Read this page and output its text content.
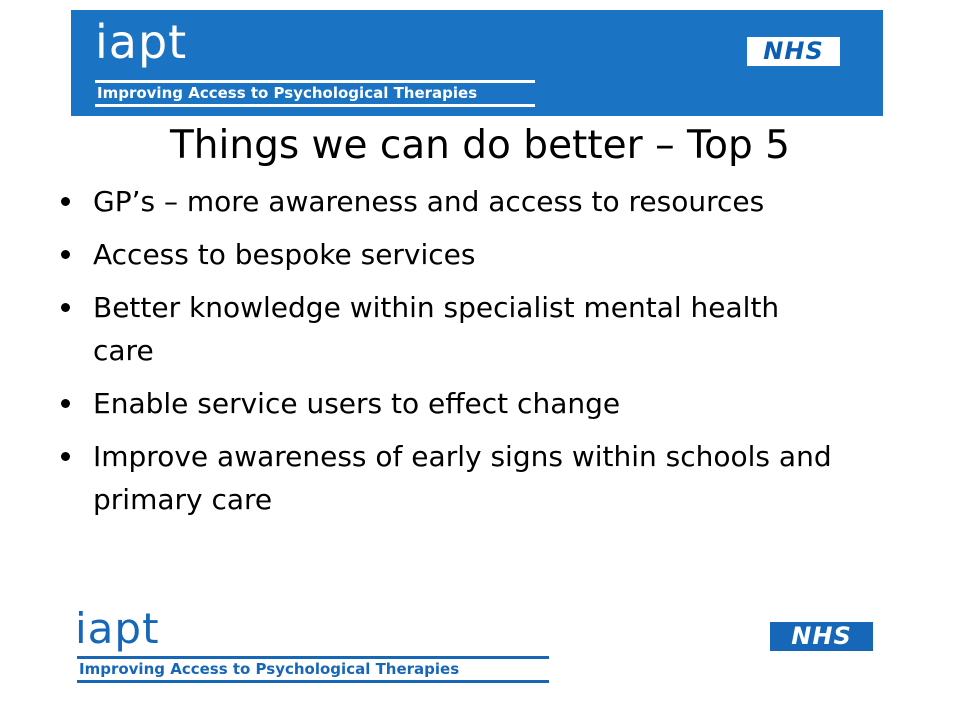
iapt
Improving Access to Psychological Therapies
NHS
Things we can do better – Top 5
GP’s – more awareness and access to resources
Access to bespoke services
Better knowledge within specialist mental health care
Enable service users to effect change
Improve awareness of early signs within schools and primary care
iapt
Improving Access to Psychological Therapies
NHS
